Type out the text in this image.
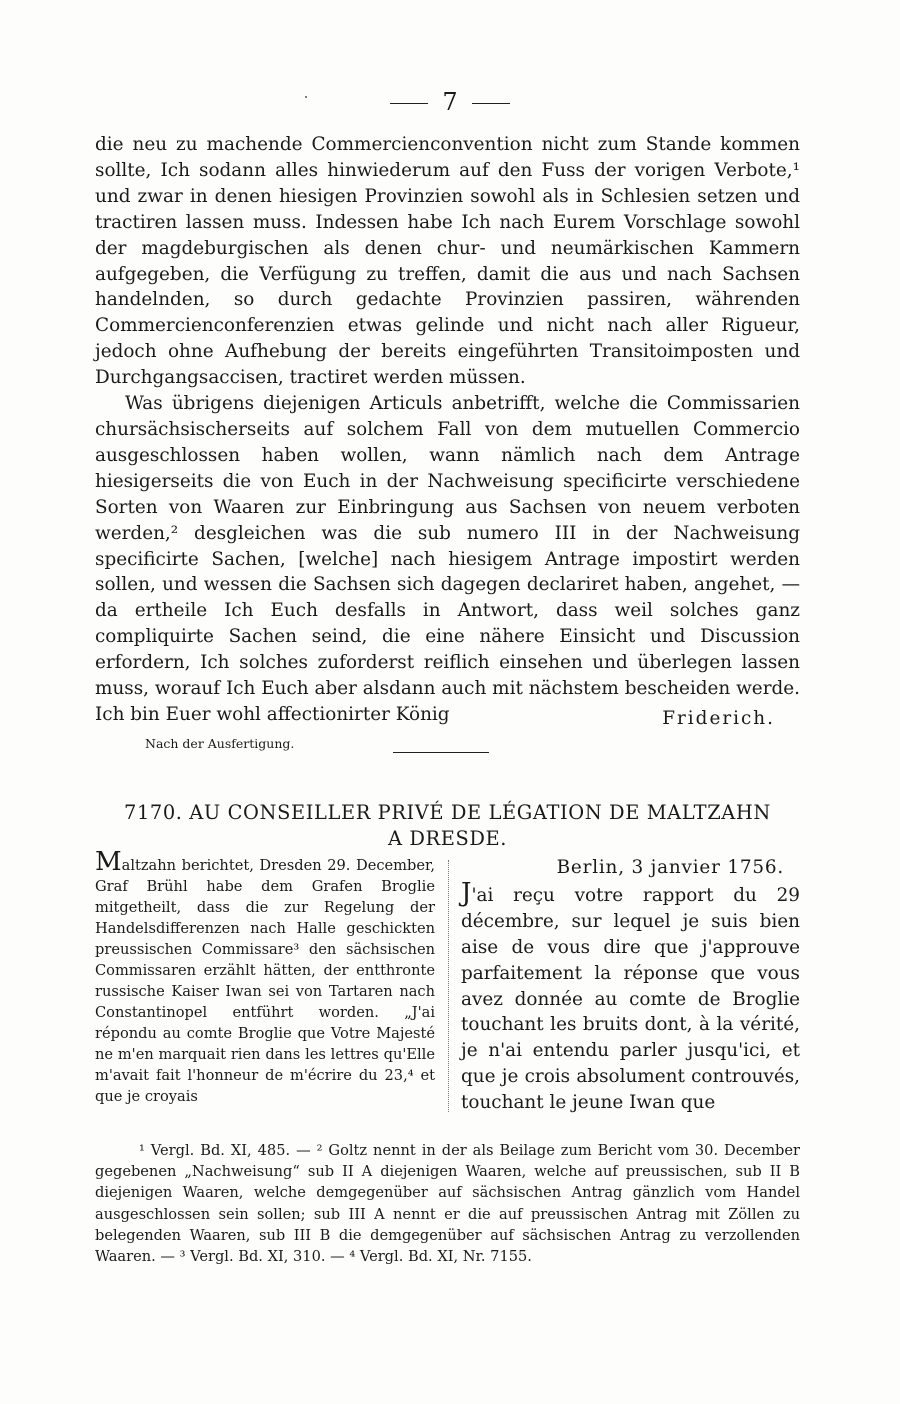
7

die neu zu machende Commercienconvention nicht zum Stande kommen sollte, Ich sodann alles hinwiederum auf den Fuss der vorigen Verbote,¹ und zwar in denen hiesigen Provinzien sowohl als in Schlesien setzen und tractiren lassen muss. Indessen habe Ich nach Eurem Vorschlage sowohl der magdeburgischen als denen chur- und neumärkischen Kammern aufgegeben, die Verfügung zu treffen, damit die aus und nach Sachsen handelnden, so durch gedachte Provinzien passiren, währenden Commercienconferenzien etwas gelinde und nicht nach aller Rigueur, jedoch ohne Aufhebung der bereits eingeführten Transitoimposten und Durchgangsaccisen, tractiret werden müssen.

Was übrigens diejenigen Articuls anbetrifft, welche die Commissarien chursächsischerseits auf solchem Fall von dem mutuellen Commercio ausgeschlossen haben wollen, wann nämlich nach dem Antrage hiesigerseits die von Euch in der Nachweisung specificirte verschiedene Sorten von Waaren zur Einbringung aus Sachsen von neuem verboten werden,² desgleichen was die sub numero III in der Nachweisung specificirte Sachen, [welche] nach hiesigem Antrage impostirt werden sollen, und wessen die Sachsen sich dagegen declariret haben, angehet, — da ertheile Ich Euch desfalls in Antwort, dass weil solches ganz compliquirte Sachen seind, die eine nähere Einsicht und Discussion erfordern, Ich solches zuforderst reiflich einsehen und überlegen lassen muss, worauf Ich Euch aber alsdann auch mit nächstem bescheiden werde. Ich bin Euer wohl affectionirter König	Friderich.
Nach der Ausfertigung.
7170. AU CONSEILLER PRIVÉ DE LÉGATION DE MALTZAHN
A DRESDE.
Maltzahn berichtet, Dresden 29. December, Graf Brühl habe dem Grafen Broglie mitgetheilt, dass die zur Regelung der Handelsdifferenzen nach Halle geschickten preussischen Commissare³ den sächsischen Commissaren erzählt hätten, der entthronte russische Kaiser Iwan sei von Tartaren nach Constantinopel entführt worden. „J'ai répondu au comte Broglie que Votre Majesté ne m'en marquait rien dans les lettres qu'Elle m'avait fait l'honneur de m'écrire du 23,⁴ et que je croyais
Berlin, 3 janvier 1756.
J'ai reçu votre rapport du 29 décembre, sur lequel je suis bien aise de vous dire que j'approuve parfaitement la réponse que vous avez donnée au comte de Broglie touchant les bruits dont, à la vérité, je n'ai entendu parler jusqu'ici, et que je crois absolument controuvés, touchant le jeune Iwan que

¹ Vergl. Bd. XI, 485. — ² Goltz nennt in der als Beilage zum Bericht vom 30. December gegebenen „Nachweisung“ sub II A diejenigen Waaren, welche auf preussischen, sub II B diejenigen Waaren, welche demgegenüber auf sächsischen Antrag gänzlich vom Handel ausgeschlossen sein sollen; sub III A nennt er die auf preussischen Antrag mit Zöllen zu belegenden Waaren, sub III B die demgegenüber auf sächsischen Antrag zu verzollenden Waaren. — ³ Vergl. Bd. XI, 310. — ⁴ Vergl. Bd. XI, Nr. 7155.
